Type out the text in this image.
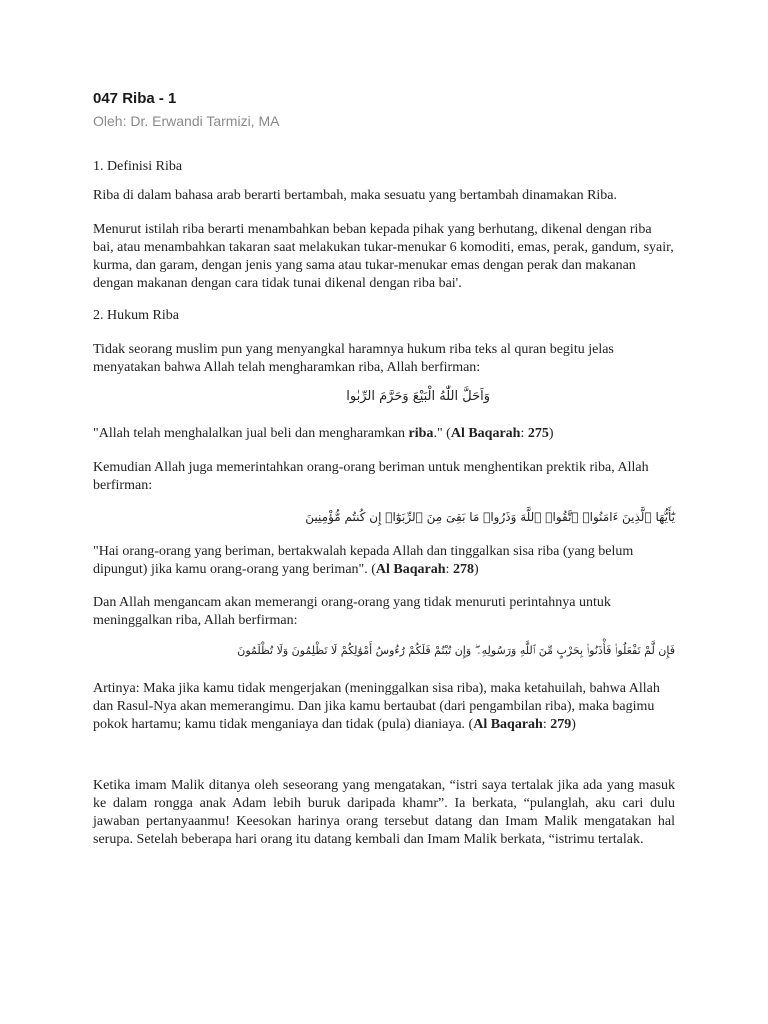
047 Riba - 1

Oleh: Dr. Erwandi Tarmizi, MA

1. Definisi Riba

Riba di dalam bahasa arab berarti bertambah, maka sesuatu yang bertambah dinamakan Riba.

Menurut istilah riba berarti menambahkan beban kepada pihak yang berhutang, dikenal dengan riba bai, atau menambahkan takaran saat melakukan tukar-menukar 6 komoditi, emas, perak, gandum, syair, kurma, dan garam, dengan jenis yang sama atau tukar-menukar emas dengan perak dan makanan dengan makanan dengan cara tidak tunai dikenal dengan riba bai'.

2. Hukum Riba

Tidak seorang muslim pun yang menyangkal haramnya hukum riba teks al quran begitu jelas menyatakan bahwa Allah telah mengharamkan riba, Allah berfirman:

وَاَحَلَّ اللّٰهُ الْبَيْعَ وَحَرَّمَ الرِّبٰوا

"Allah telah menghalalkan jual beli dan mengharamkan riba." (Al Baqarah: 275)

Kemudian Allah juga memerintahkan orang-orang beriman untuk menghentikan prektik riba, Allah berfirman:

يَٰٓأَيُّهَا ٱلَّذِينَ ءَامَنُوا۟ ٱتَّقُوا۟ ٱللَّهَ وَذَرُوا۟ مَا بَقِىَ مِنَ ٱلرِّبَوٰٓا۟ إِن كُنتُم مُّؤْمِنِينَ

"Hai orang-orang yang beriman, bertakwalah kepada Allah dan tinggalkan sisa riba (yang belum dipungut) jika kamu orang-orang yang beriman". (Al Baqarah: 278)

Dan Allah mengancam akan memerangi orang-orang yang tidak menuruti perintahnya untuk meninggalkan riba, Allah berfirman:

فَإِن لَّمْ تَفْعَلُوا۟ فَأْذَنُوا۟ بِحَرْبٍ مِّنَ ٱللَّهِ وَرَسُولِهِۦ ۖ وَإِن تُبْتُمْ فَلَكُمْ رُءُوسُ أَمْوَٰلِكُمْ لَا تَظْلِمُونَ وَلَا تُظْلَمُونَ

Artinya: Maka jika kamu tidak mengerjakan (meninggalkan sisa riba), maka ketahuilah, bahwa Allah dan Rasul-Nya akan memerangimu. Dan jika kamu bertaubat (dari pengambilan riba), maka bagimu pokok hartamu; kamu tidak menganiaya dan tidak (pula) dianiaya. (Al Baqarah: 279)

Ketika imam Malik ditanya oleh seseorang yang mengatakan, “istri saya tertalak jika ada yang masuk ke dalam rongga anak Adam lebih buruk daripada khamr”. Ia berkata, “pulanglah, aku cari dulu jawaban pertanyaanmu! Keesokan harinya orang tersebut datang dan Imam Malik mengatakan hal serupa. Setelah beberapa hari orang itu datang kembali dan Imam Malik berkata, “istrimu tertalak.
